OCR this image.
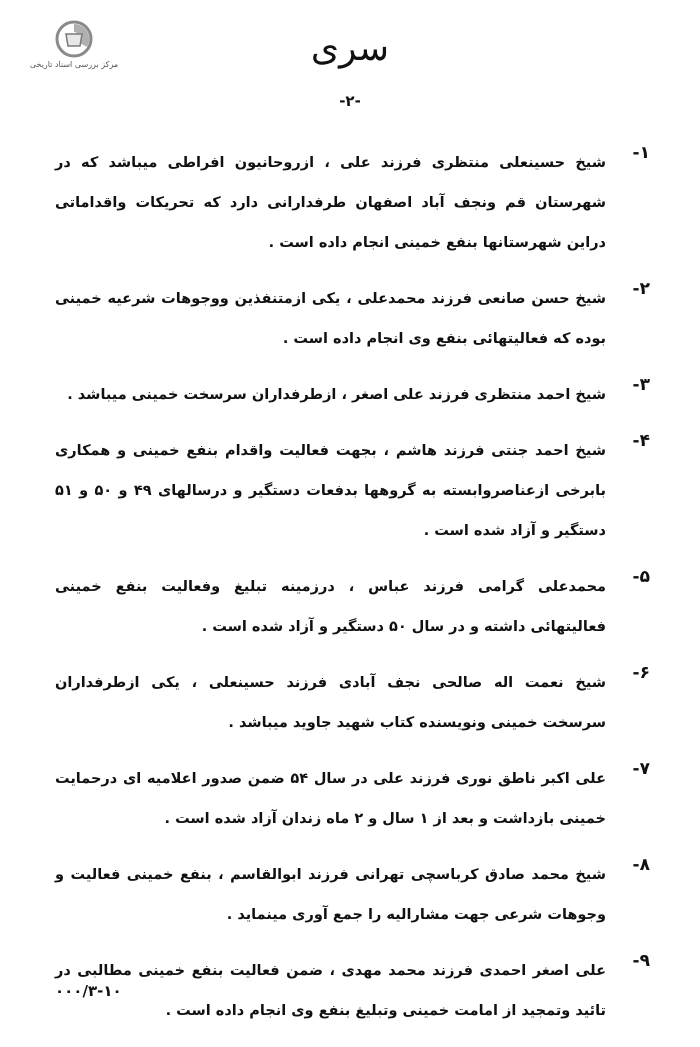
مرکز بررسی اسناد تاریخی	سری
-۲-
۱-
شیخ حسینعلی منتظری فرزند علی ، ازروحانیون افراطی میباشد که در شهرستان قم ونجف آباد اصفهان طرفدارانی دارد که تحریکات واقداماتی دراین شهرستانها بنفع خمینی انجام داده است .
۲-
شیخ حسن صانعی فرزند محمدعلی ، یکی ازمتنفذین ووجوهات شرعیه خمینی بوده که فعالیتهائی بنفع وی انجام داده است .
۳-
شیخ احمد منتظری فرزند علی اصغر ، ازطرفداران سرسخت خمینی میباشد .
۴-
شیخ احمد جنتی فرزند هاشم ، بجهت فعالیت واقدام بنفع خمینی و همکاری بابرخی ازعناصروابسته به گروهها بدفعات دستگیر و درسالهای ۴۹ و ۵۰ و ۵۱ دستگیر و آزاد شده است .
۵-
محمدعلی گرامی فرزند عباس ، درزمینه تبلیغ وفعالیت بنفع خمینی فعالیتهائی داشته و در سال ۵۰ دستگیر و آزاد شده است .
۶-
شیخ نعمت اله صالحی نجف آبادی فرزند حسینعلی ، یکی ازطرفداران سرسخت خمینی ونویسنده کتاب شهید جاوید میباشد .
۷-
علی اکبر ناطق نوری فرزند علی در سال ۵۴ ضمن صدور اعلامیه ای درحمایت خمینی بازداشت و بعد از ۱ سال و ۲ ماه زندان آزاد شده است .
۸-
شیخ محمد صادق کرباسچی تهرانی فرزند ابوالقاسم ، بنفع خمینی فعالیت و وجوهات شرعی جهت مشارالیه را جمع آوری مینماید .
۹-
علی اصغر احمدی فرزند محمد مهدی ، ضمن فعالیت بنفع خمینی مطالبی در تائید وتمجید از امامت خمینی وتبلیغ بنفع وی انجام داده است .
۰۰۰/۳-۱۰
